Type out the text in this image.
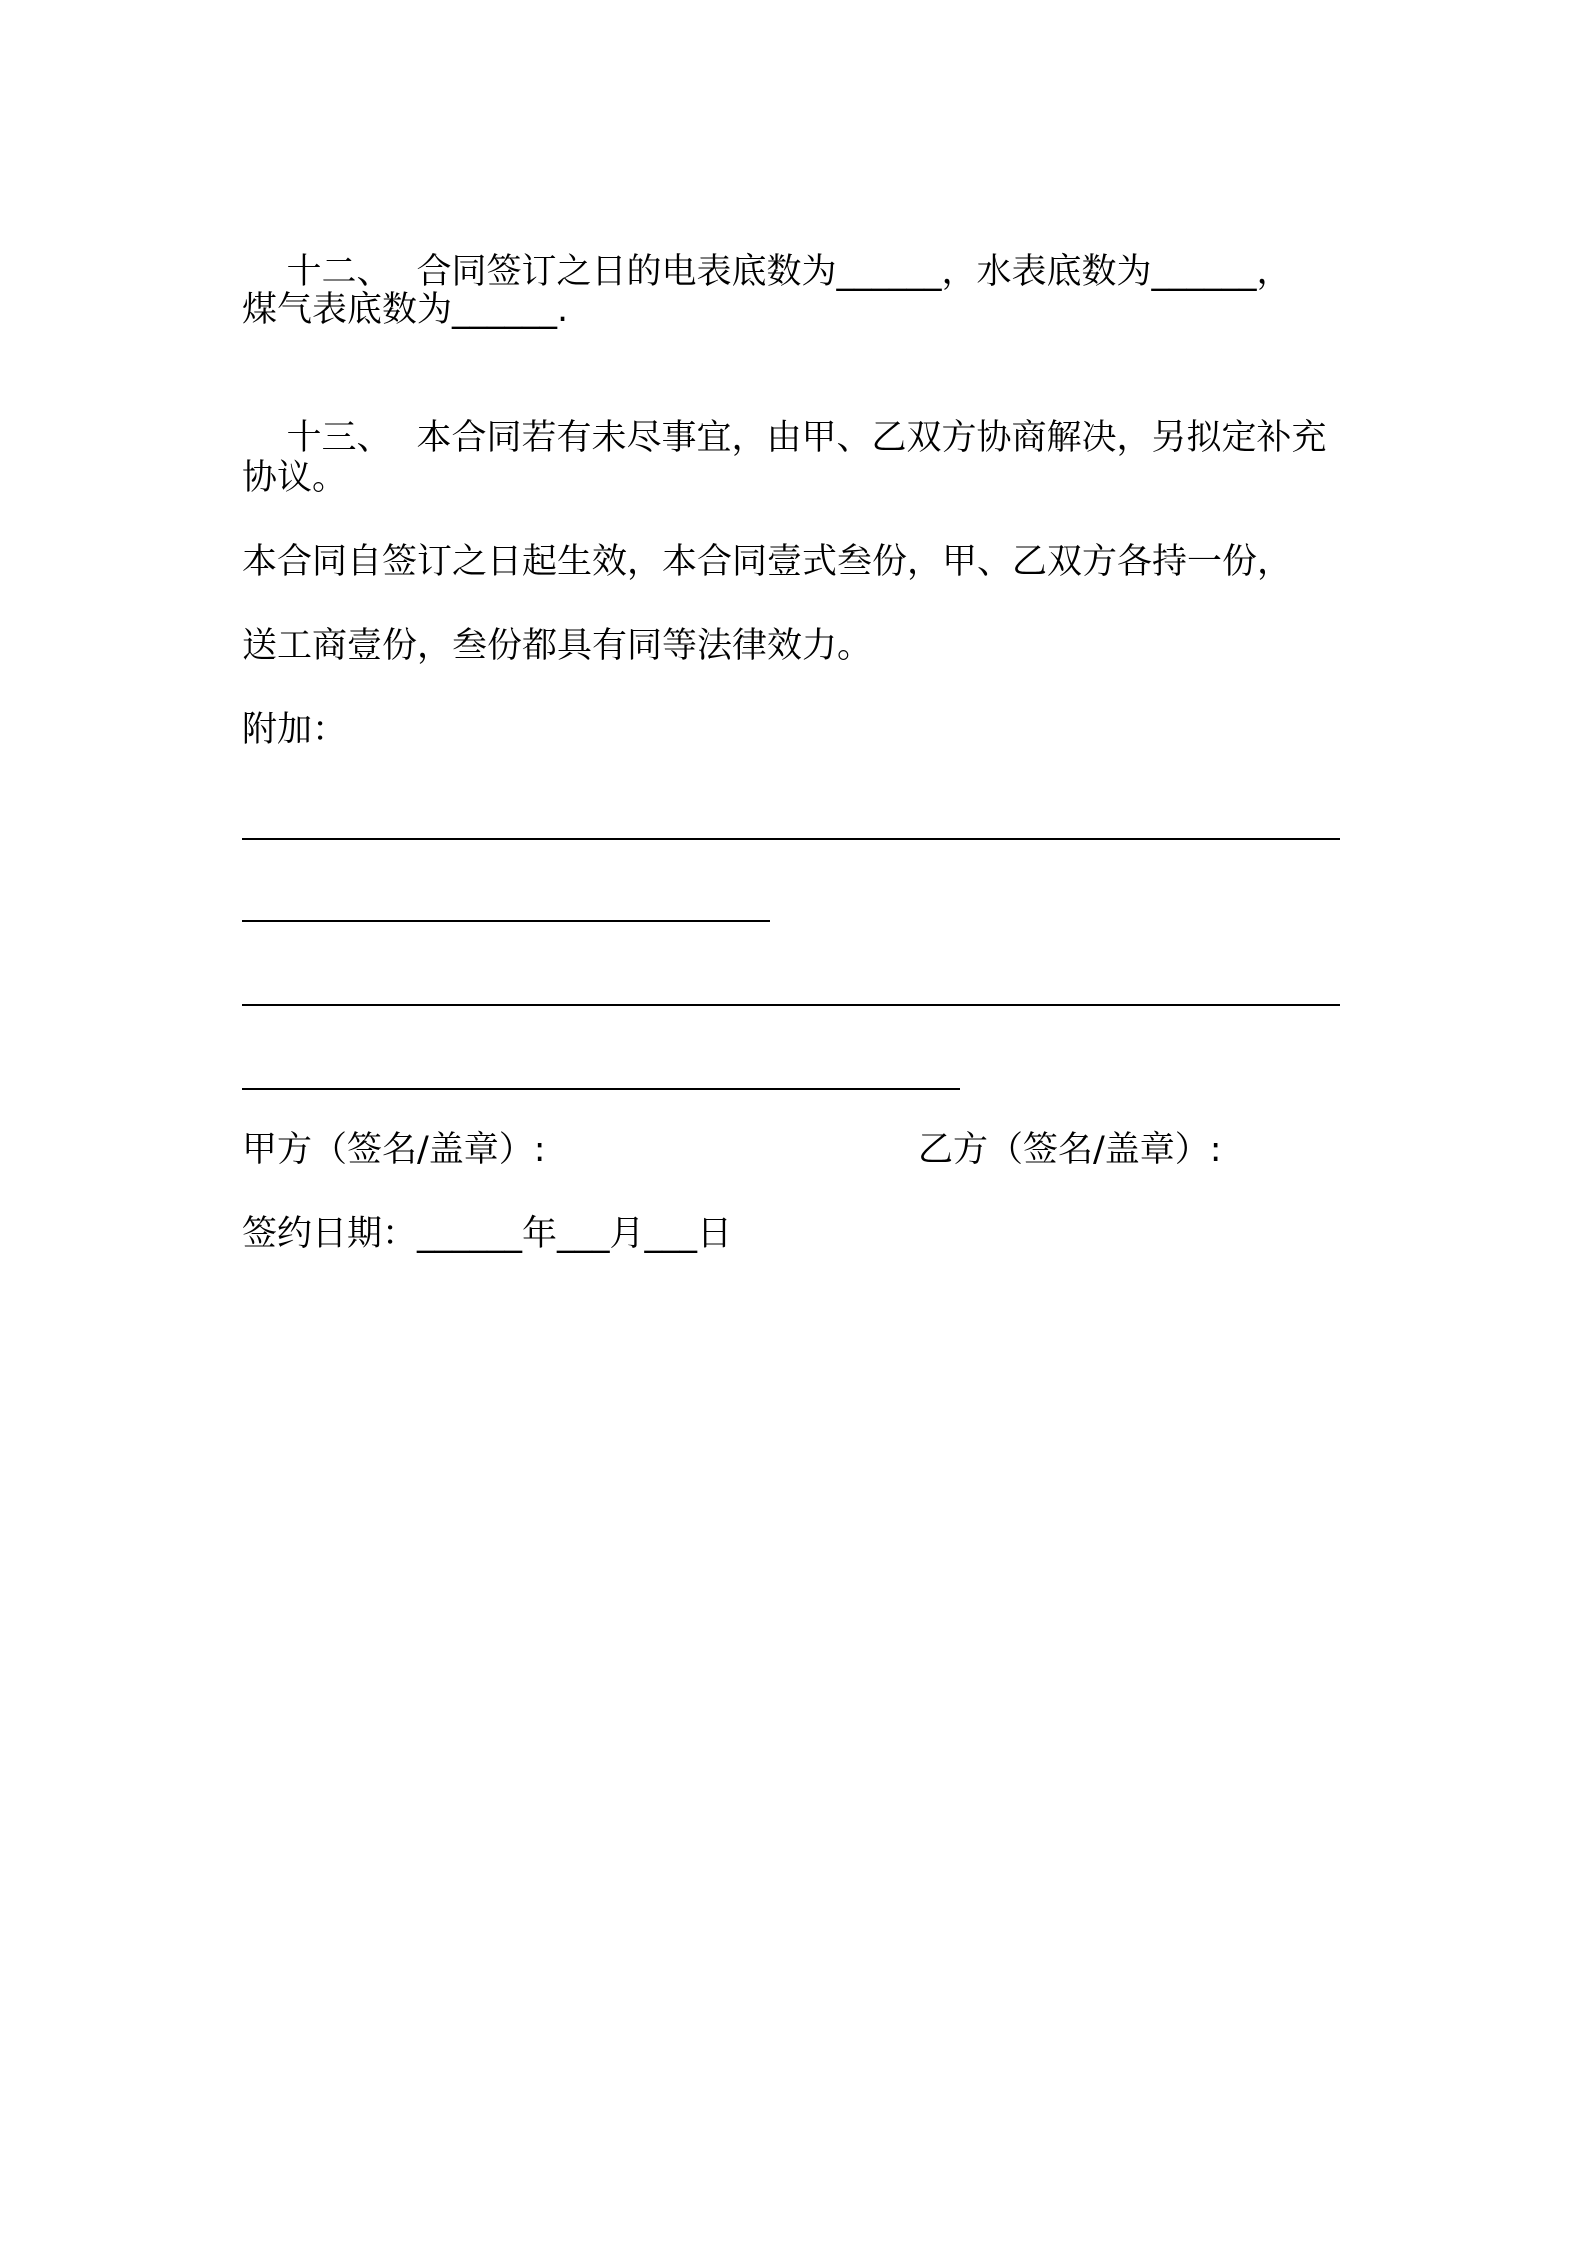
十二、 合同签订之日的电表底数为______，水表底数为______，

煤气表底数为______.

十三、 本合同若有未尽事宜，由甲、乙双方协商解决，另拟定补充

协议。
本合同自签订之日起生效，本合同壹式叁份，甲、乙双方各持一份，
送工商壹份，叁份都具有同等法律效力。
附加：
甲方（签名/盖章）:	乙方（签名/盖章）:
签约日期：______年___月___日
